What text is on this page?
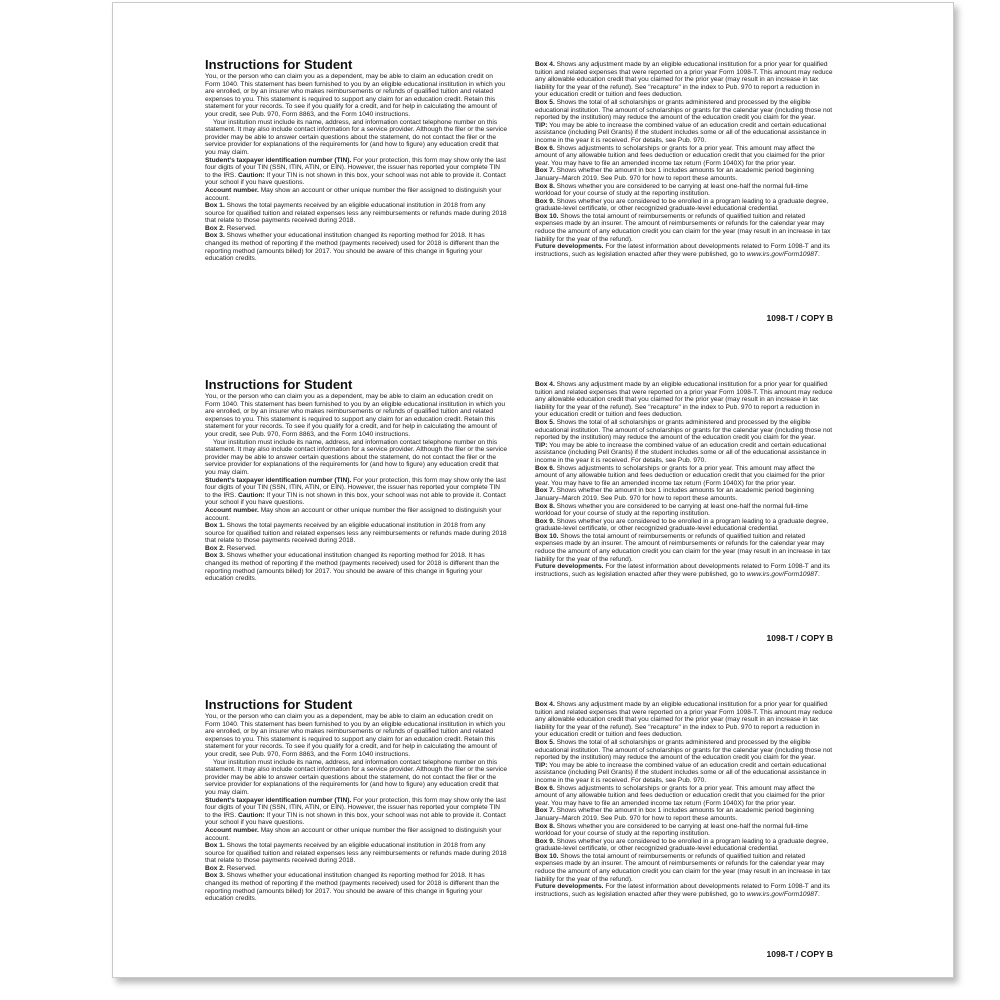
Instructions for Student

You, or the person who can claim you as a dependent, may be able to claim an education credit on Form 1040. This statement has been furnished to you by an eligible educational institution in which you are enrolled, or by an insurer who makes reimbursements or refunds of qualified tuition and related expenses to you. This statement is required to support any claim for an education credit. Retain this statement for your records. To see if you qualify for a credit, and for help in calculating the amount of your credit, see Pub. 970, Form 8863, and the Form 1040 instructions.

Your institution must include its name, address, and information contact telephone number on this statement. It may also include contact information for a service provider. Although the filer or the service provider may be able to answer certain questions about the statement, do not contact the filer or the service provider for explanations of the requirements for (and how to figure) any education credit that you may claim.

Student's taxpayer identification number (TIN). For your protection, this form may show only the last four digits of your TIN (SSN, ITIN, ATIN, or EIN). However, the issuer has reported your complete TIN to the IRS. Caution: If your TIN is not shown in this box, your school was not able to provide it. Contact your school if you have questions.

Account number. May show an account or other unique number the filer assigned to distinguish your account.

Box 1. Shows the total payments received by an eligible educational institution in 2018 from any source for qualified tuition and related expenses less any reimbursements or refunds made during 2018 that relate to those payments received during 2018.

Box 2. Reserved.

Box 3. Shows whether your educational institution changed its reporting method for 2018. It has changed its method of reporting if the method (payments received) used for 2018 is different than the reporting method (amounts billed) for 2017. You should be aware of this change in figuring your education credits.

Box 4. Shows any adjustment made by an eligible educational institution for a prior year for qualified tuition and related expenses that were reported on a prior year Form 1098-T. This amount may reduce any allowable education credit that you claimed for the prior year (may result in an increase in tax liability for the year of the refund). See "recapture" in the index to Pub. 970 to report a reduction in your education credit or tuition and fees deduction.

Box 5. Shows the total of all scholarships or grants administered and processed by the eligible educational institution. The amount of scholarships or grants for the calendar year (including those not reported by the institution) may reduce the amount of the education credit you claim for the year.

TIP: You may be able to increase the combined value of an education credit and certain educational assistance (including Pell Grants) if the student includes some or all of the educational assistance in income in the year it is received. For details, see Pub. 970.

Box 6. Shows adjustments to scholarships or grants for a prior year. This amount may affect the amount of any allowable tuition and fees deduction or education credit that you claimed for the prior year. You may have to file an amended income tax return (Form 1040X) for the prior year.

Box 7. Shows whether the amount in box 1 includes amounts for an academic period beginning January–March 2019. See Pub. 970 for how to report these amounts.

Box 8. Shows whether you are considered to be carrying at least one-half the normal full-time workload for your course of study at the reporting institution.

Box 9. Shows whether you are considered to be enrolled in a program leading to a graduate degree, graduate-level certificate, or other recognized graduate-level educational credential.

Box 10. Shows the total amount of reimbursements or refunds of qualified tuition and related expenses made by an insurer. The amount of reimbursements or refunds for the calendar year may reduce the amount of any education credit you can claim for the year (may result in an increase in tax liability for the year of the refund).

Future developments. For the latest information about developments related to Form 1098-T and its instructions, such as legislation enacted after they were published, go to www.irs.gov/Form1098T.

1098-T / COPY B
Instructions for Student

You, or the person who can claim you as a dependent, may be able to claim an education credit on Form 1040. This statement has been furnished to you by an eligible educational institution in which you are enrolled, or by an insurer who makes reimbursements or refunds of qualified tuition and related expenses to you. This statement is required to support any claim for an education credit. Retain this statement for your records. To see if you qualify for a credit, and for help in calculating the amount of your credit, see Pub. 970, Form 8863, and the Form 1040 instructions.

Your institution must include its name, address, and information contact telephone number on this statement. It may also include contact information for a service provider. Although the filer or the service provider may be able to answer certain questions about the statement, do not contact the filer or the service provider for explanations of the requirements for (and how to figure) any education credit that you may claim.

Student's taxpayer identification number (TIN). For your protection, this form may show only the last four digits of your TIN (SSN, ITIN, ATIN, or EIN). However, the issuer has reported your complete TIN to the IRS. Caution: If your TIN is not shown in this box, your school was not able to provide it. Contact your school if you have questions.

Account number. May show an account or other unique number the filer assigned to distinguish your account.

Box 1. Shows the total payments received by an eligible educational institution in 2018 from any source for qualified tuition and related expenses less any reimbursements or refunds made during 2018 that relate to those payments received during 2018.

Box 2. Reserved.

Box 3. Shows whether your educational institution changed its reporting method for 2018. It has changed its method of reporting if the method (payments received) used for 2018 is different than the reporting method (amounts billed) for 2017. You should be aware of this change in figuring your education credits.

Box 4. Shows any adjustment made by an eligible educational institution for a prior year for qualified tuition and related expenses that were reported on a prior year Form 1098-T. This amount may reduce any allowable education credit that you claimed for the prior year (may result in an increase in tax liability for the year of the refund). See "recapture" in the index to Pub. 970 to report a reduction in your education credit or tuition and fees deduction.

Box 5. Shows the total of all scholarships or grants administered and processed by the eligible educational institution. The amount of scholarships or grants for the calendar year (including those not reported by the institution) may reduce the amount of the education credit you claim for the year.

TIP: You may be able to increase the combined value of an education credit and certain educational assistance (including Pell Grants) if the student includes some or all of the educational assistance in income in the year it is received. For details, see Pub. 970.

Box 6. Shows adjustments to scholarships or grants for a prior year. This amount may affect the amount of any allowable tuition and fees deduction or education credit that you claimed for the prior year. You may have to file an amended income tax return (Form 1040X) for the prior year.

Box 7. Shows whether the amount in box 1 includes amounts for an academic period beginning January–March 2019. See Pub. 970 for how to report these amounts.

Box 8. Shows whether you are considered to be carrying at least one-half the normal full-time workload for your course of study at the reporting institution.

Box 9. Shows whether you are considered to be enrolled in a program leading to a graduate degree, graduate-level certificate, or other recognized graduate-level educational credential.

Box 10. Shows the total amount of reimbursements or refunds of qualified tuition and related expenses made by an insurer. The amount of reimbursements or refunds for the calendar year may reduce the amount of any education credit you can claim for the year (may result in an increase in tax liability for the year of the refund).

Future developments. For the latest information about developments related to Form 1098-T and its instructions, such as legislation enacted after they were published, go to www.irs.gov/Form1098T.

1098-T / COPY B
Instructions for Student

You, or the person who can claim you as a dependent, may be able to claim an education credit on Form 1040. This statement has been furnished to you by an eligible educational institution in which you are enrolled, or by an insurer who makes reimbursements or refunds of qualified tuition and related expenses to you. This statement is required to support any claim for an education credit. Retain this statement for your records. To see if you qualify for a credit, and for help in calculating the amount of your credit, see Pub. 970, Form 8863, and the Form 1040 instructions.

Your institution must include its name, address, and information contact telephone number on this statement. It may also include contact information for a service provider. Although the filer or the service provider may be able to answer certain questions about the statement, do not contact the filer or the service provider for explanations of the requirements for (and how to figure) any education credit that you may claim.

Student's taxpayer identification number (TIN). For your protection, this form may show only the last four digits of your TIN (SSN, ITIN, ATIN, or EIN). However, the issuer has reported your complete TIN to the IRS. Caution: If your TIN is not shown in this box, your school was not able to provide it. Contact your school if you have questions.

Account number. May show an account or other unique number the filer assigned to distinguish your account.

Box 1. Shows the total payments received by an eligible educational institution in 2018 from any source for qualified tuition and related expenses less any reimbursements or refunds made during 2018 that relate to those payments received during 2018.

Box 2. Reserved.

Box 3. Shows whether your educational institution changed its reporting method for 2018. It has changed its method of reporting if the method (payments received) used for 2018 is different than the reporting method (amounts billed) for 2017. You should be aware of this change in figuring your education credits.

Box 4. Shows any adjustment made by an eligible educational institution for a prior year for qualified tuition and related expenses that were reported on a prior year Form 1098-T. This amount may reduce any allowable education credit that you claimed for the prior year (may result in an increase in tax liability for the year of the refund). See "recapture" in the index to Pub. 970 to report a reduction in your education credit or tuition and fees deduction.

Box 5. Shows the total of all scholarships or grants administered and processed by the eligible educational institution. The amount of scholarships or grants for the calendar year (including those not reported by the institution) may reduce the amount of the education credit you claim for the year.

TIP: You may be able to increase the combined value of an education credit and certain educational assistance (including Pell Grants) if the student includes some or all of the educational assistance in income in the year it is received. For details, see Pub. 970.

Box 6. Shows adjustments to scholarships or grants for a prior year. This amount may affect the amount of any allowable tuition and fees deduction or education credit that you claimed for the prior year. You may have to file an amended income tax return (Form 1040X) for the prior year.

Box 7. Shows whether the amount in box 1 includes amounts for an academic period beginning January–March 2019. See Pub. 970 for how to report these amounts.

Box 8. Shows whether you are considered to be carrying at least one-half the normal full-time workload for your course of study at the reporting institution.

Box 9. Shows whether you are considered to be enrolled in a program leading to a graduate degree, graduate-level certificate, or other recognized graduate-level educational credential.

Box 10. Shows the total amount of reimbursements or refunds of qualified tuition and related expenses made by an insurer. The amount of reimbursements or refunds for the calendar year may reduce the amount of any education credit you can claim for the year (may result in an increase in tax liability for the year of the refund).

Future developments. For the latest information about developments related to Form 1098-T and its instructions, such as legislation enacted after they were published, go to www.irs.gov/Form1098T.

1098-T / COPY B
